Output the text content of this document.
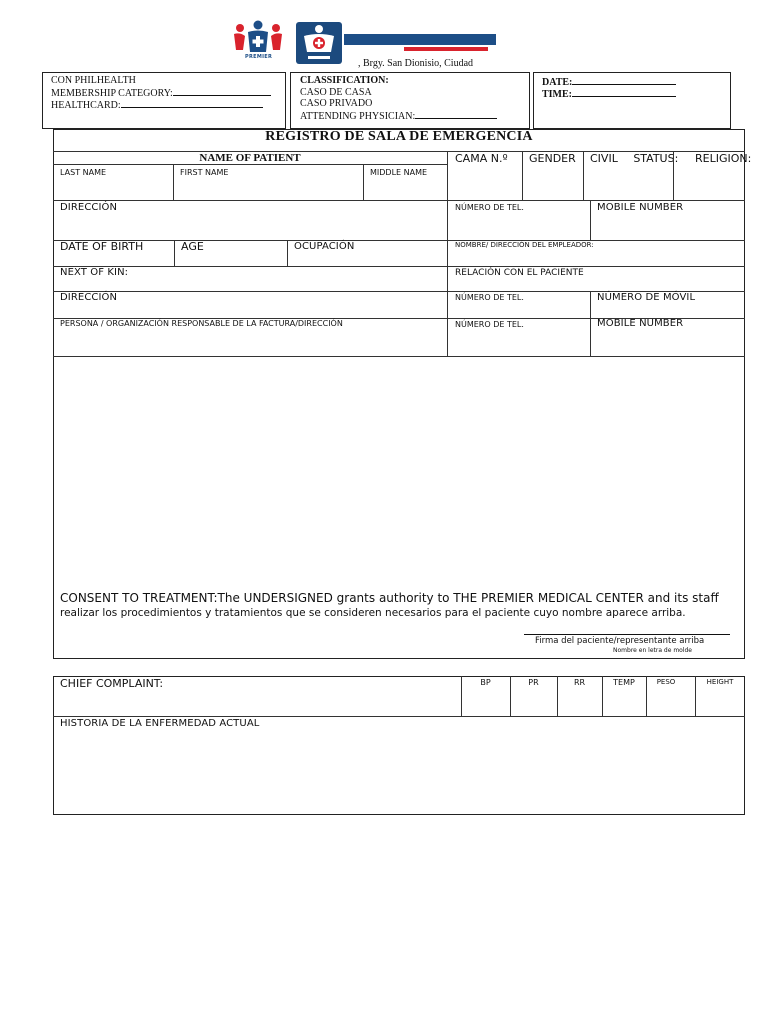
PREMIER
, Brgy. San Dionisio, Ciudad
CON PHILHEALTH
MEMBERSHIP CATEGORY:
HEALTHCARD:
CLASSIFICATION:
CASO DE CASA
CASO PRIVADO
ATTENDING PHYSICIAN:
DATE:
TIME:
REGISTRO DE SALA DE EMERGENCIA
NAME OF PATIENT
LAST NAME	FIRST NAME	MIDDLE NAME
CAMA N.º GENDER CIVIL STATUS: RELIGION:
DIRECCIÓN	NÚMERO DE TEL.	MOBILE NUMBER
DATE OF BIRTH	AGE	OCUPACIÓN	NOMBRE/ DIRECCIÓN DEL EMPLEADOR:
NEXT OF KIN:	RELACIÓN CON EL PACIENTE
DIRECCIÓN	NÚMERO DE TEL.	NÚMERO DE MÓVIL
PERSONA / ORGANIZACIÓN RESPONSABLE DE LA FACTURA/DIRECCIÓN	NÚMERO DE TEL.	MOBILE NUMBER
CONSENT TO TREATMENT:The UNDERSIGNED grants authority to THE PREMIER MEDICAL CENTER and its staff
realizar los procedimientos y tratamientos que se consideren necesarios para el paciente cuyo nombre aparece arriba.
Firma del paciente/representante arriba
Nombre en letra de molde
CHIEF COMPLAINT:	BP	PR	RR	TEMP	PESO	HEIGHT
HISTORIA DE LA ENFERMEDAD ACTUAL
